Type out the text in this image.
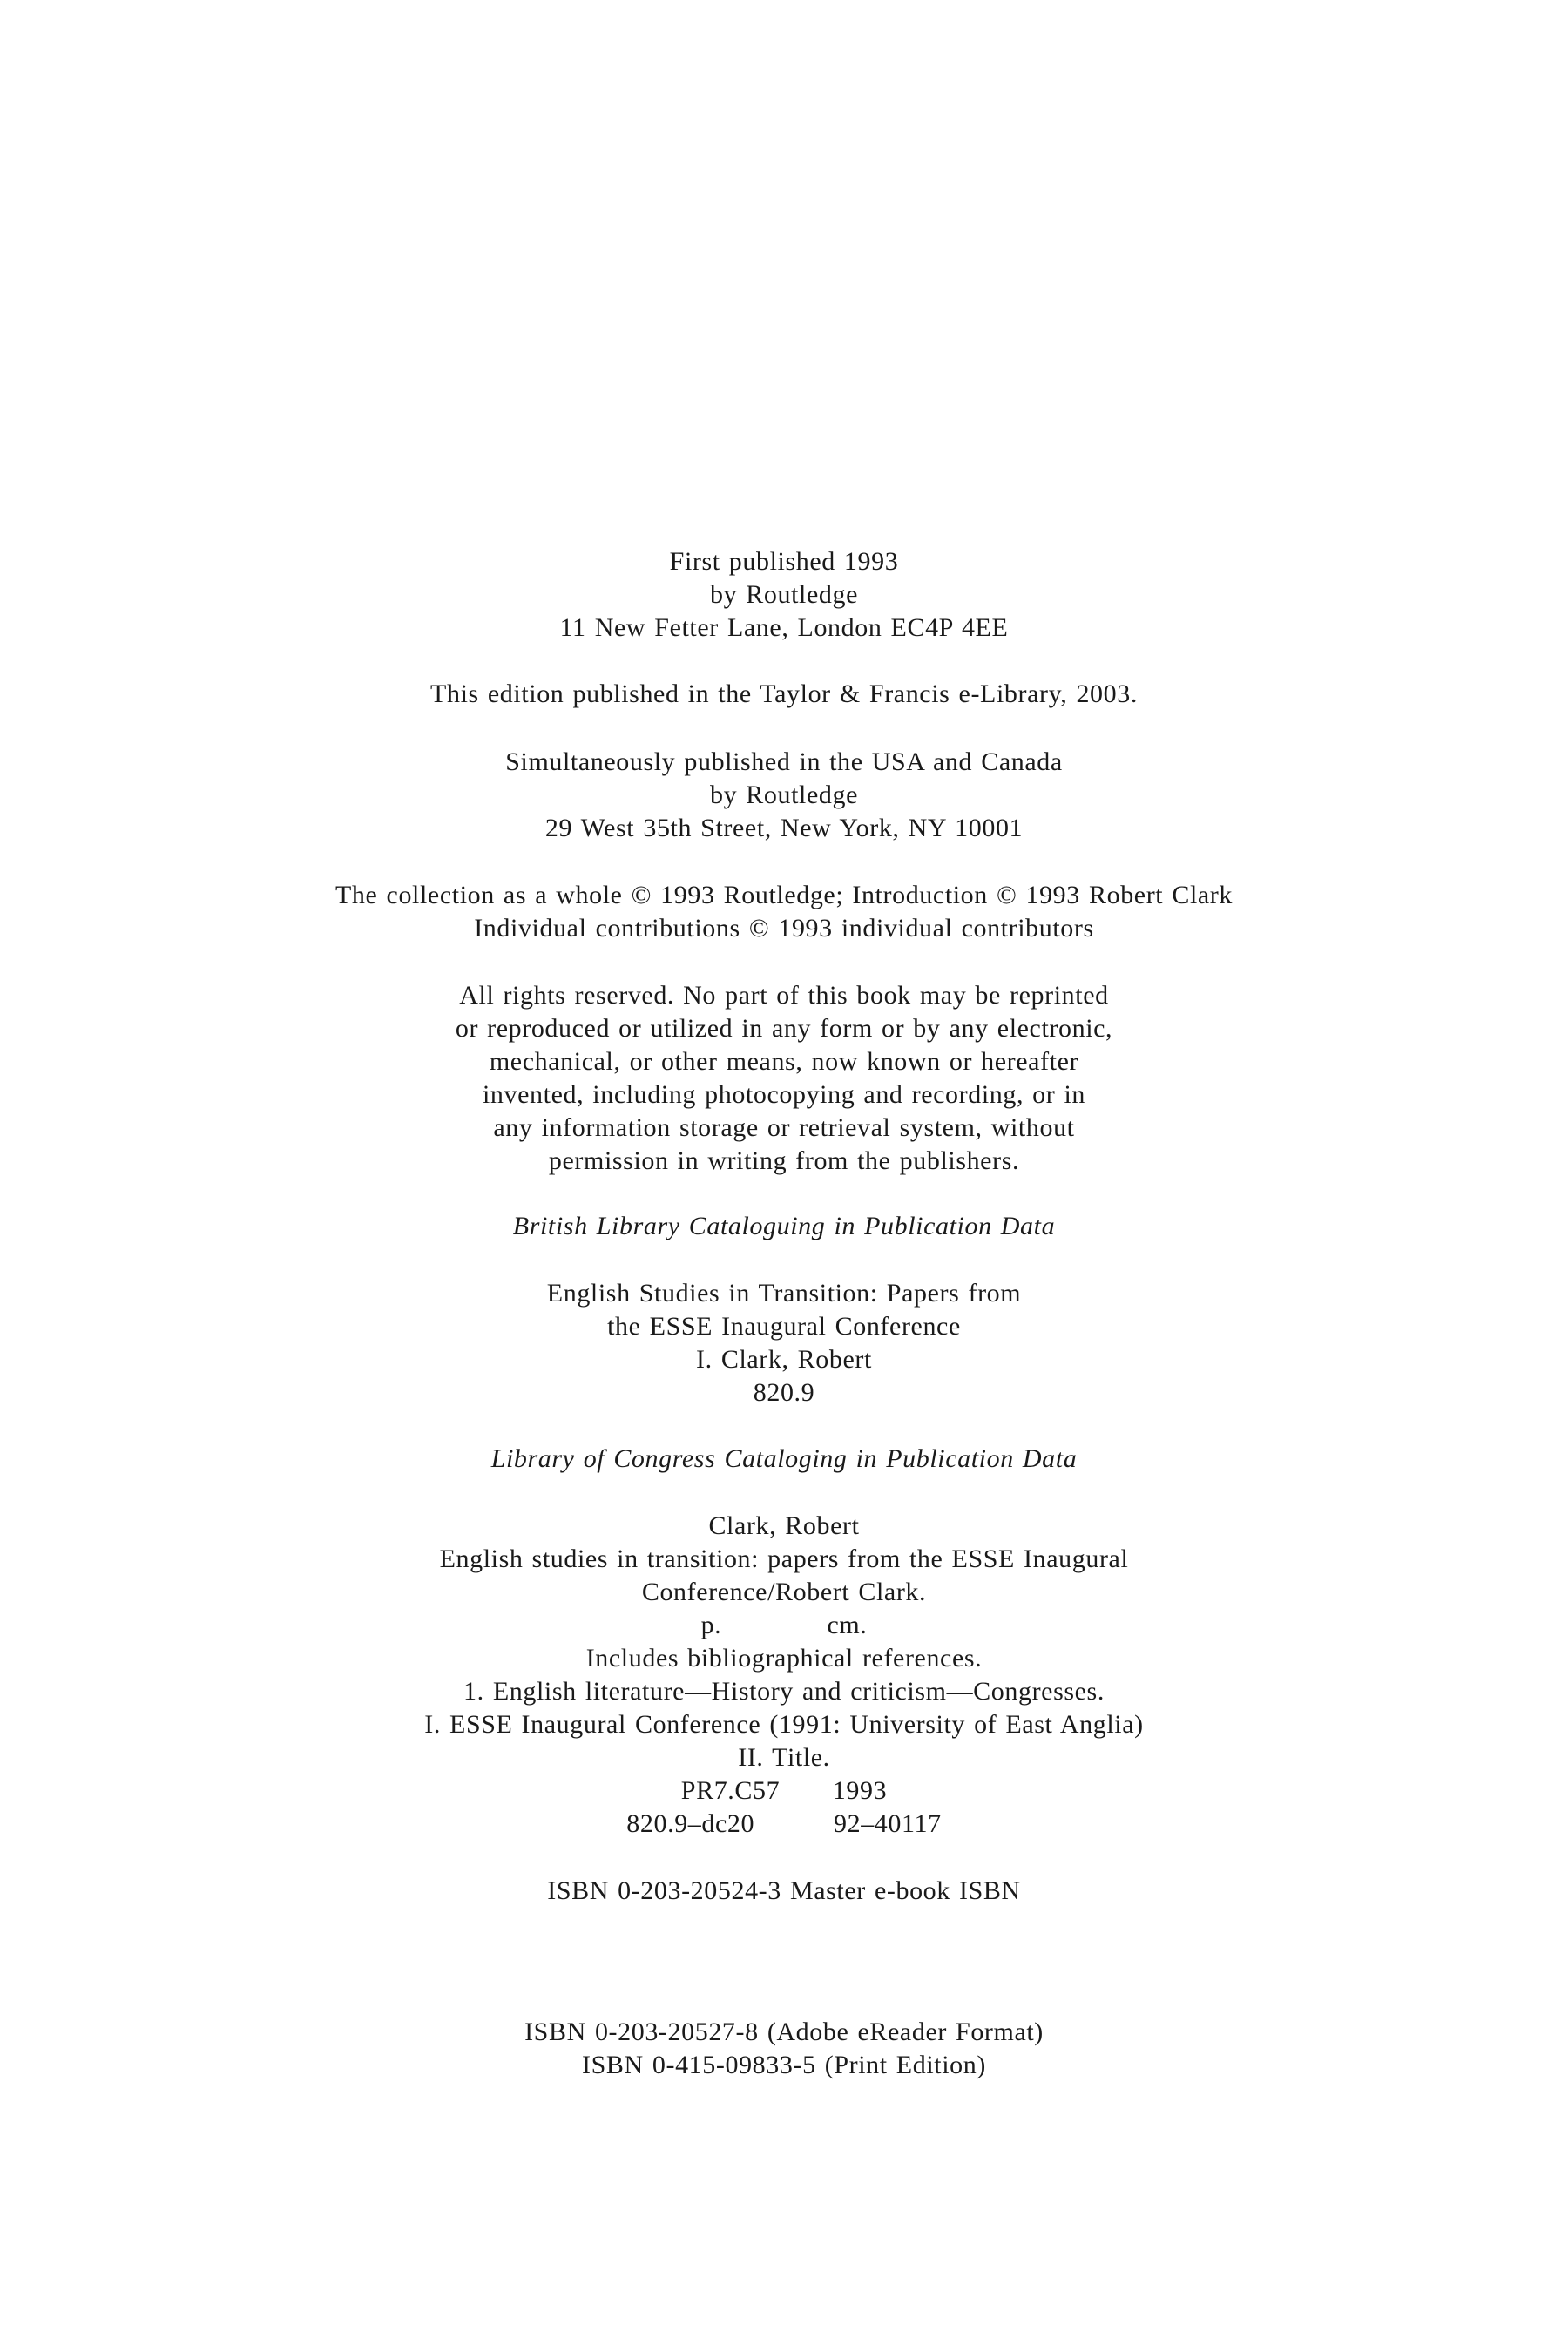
First published 1993
by Routledge
11 New Fetter Lane, London EC4P 4EE
This edition published in the Taylor & Francis e-Library, 2003.
Simultaneously published in the USA and Canada
by Routledge
29 West 35th Street, New York, NY 10001
The collection as a whole © 1993 Routledge; Introduction © 1993 Robert Clark
Individual contributions © 1993 individual contributors
All rights reserved. No part of this book may be reprinted
or reproduced or utilized in any form or by any electronic,
mechanical, or other means, now known or hereafter
invented, including photocopying and recording, or in
any information storage or retrieval system, without
permission in writing from the publishers.
British Library Cataloguing in Publication Data
English Studies in Transition: Papers from
the ESSE Inaugural Conference
I. Clark, Robert
820.9
Library of Congress Cataloging in Publication Data
Clark, Robert
English studies in transition: papers from the ESSE Inaugural
Conference/Robert Clark.
p.            cm.
Includes bibliographical references.
1. English literature—History and criticism—Congresses.
I. ESSE Inaugural Conference (1991: University of East Anglia)
II. Title.
PR7.C57      1993
820.9–dc20         92–40117
ISBN 0-203-20524-3 Master e-book ISBN
ISBN 0-203-20527-8 (Adobe eReader Format)
ISBN 0-415-09833-5 (Print Edition)
